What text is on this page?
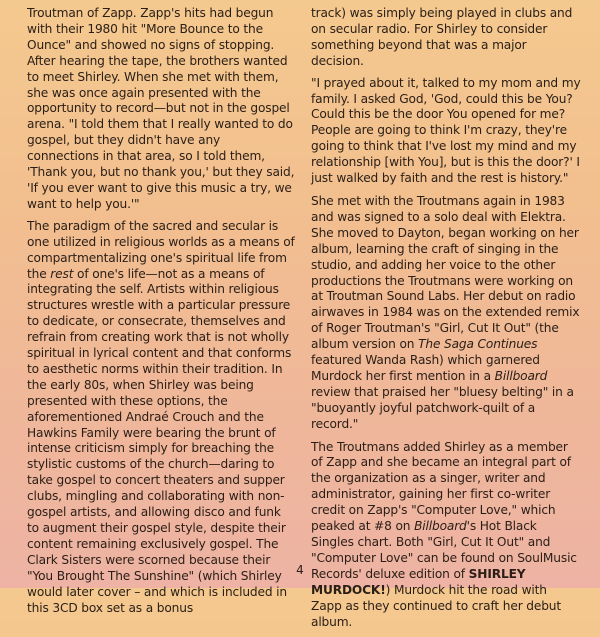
Troutman of Zapp. Zapp's hits had begun with their 1980 hit "More Bounce to the Ounce" and showed no signs of stopping. After hearing the tape, the brothers wanted to meet Shirley. When she met with them, she was once again presented with the opportunity to record—but not in the gospel arena. "I told them that I really wanted to do gospel, but they didn't have any connections in that area, so I told them, 'Thank you, but no thank you,' but they said, 'If you ever want to give this music a try, we want to help you.'"

The paradigm of the sacred and secular is one utilized in religious worlds as a means of compartmentalizing one's spiritual life from the rest of one's life—not as a means of integrating the self. Artists within religious structures wrestle with a particular pressure to dedicate, or consecrate, themselves and refrain from creating work that is not wholly spiritual in lyrical content and that conforms to aesthetic norms within their tradition. In the early 80s, when Shirley was being presented with these options, the aforementioned Andraé Crouch and the Hawkins Family were bearing the brunt of intense criticism simply for breaching the stylistic customs of the church—daring to take gospel to concert theaters and supper clubs, mingling and collaborating with non-gospel artists, and allowing disco and funk to augment their gospel style, despite their content remaining exclusively gospel. The Clark Sisters were scorned because their "You Brought The Sunshine" (which Shirley would later cover – and which is included in this 3CD box set as a bonus

track) was simply being played in clubs and on secular radio. For Shirley to consider something beyond that was a major decision.

"I prayed about it, talked to my mom and my family. I asked God, 'God, could this be You? Could this be the door You opened for me? People are going to think I'm crazy, they're going to think that I've lost my mind and my relationship [with You], but is this the door?' I just walked by faith and the rest is history."

She met with the Troutmans again in 1983 and was signed to a solo deal with Elektra. She moved to Dayton, began working on her album, learning the craft of singing in the studio, and adding her voice to the other productions the Troutmans were working on at Troutman Sound Labs. Her debut on radio airwaves in 1984 was on the extended remix of Roger Troutman's "Girl, Cut It Out" (the album version on The Saga Continues featured Wanda Rash) which garnered Murdock her first mention in a Billboard review that praised her "bluesy belting" in a "buoyantly joyful patchwork-quilt of a record."

The Troutmans added Shirley as a member of Zapp and she became an integral part of the organization as a singer, writer and administrator, gaining her first co-writer credit on Zapp's "Computer Love," which peaked at #8 on Billboard's Hot Black Singles chart. Both "Girl, Cut It Out" and "Computer Love" can be found on SoulMusic Records' deluxe edition of SHIRLEY MURDOCK!) Murdock hit the road with Zapp as they continued to craft her debut album.

4
